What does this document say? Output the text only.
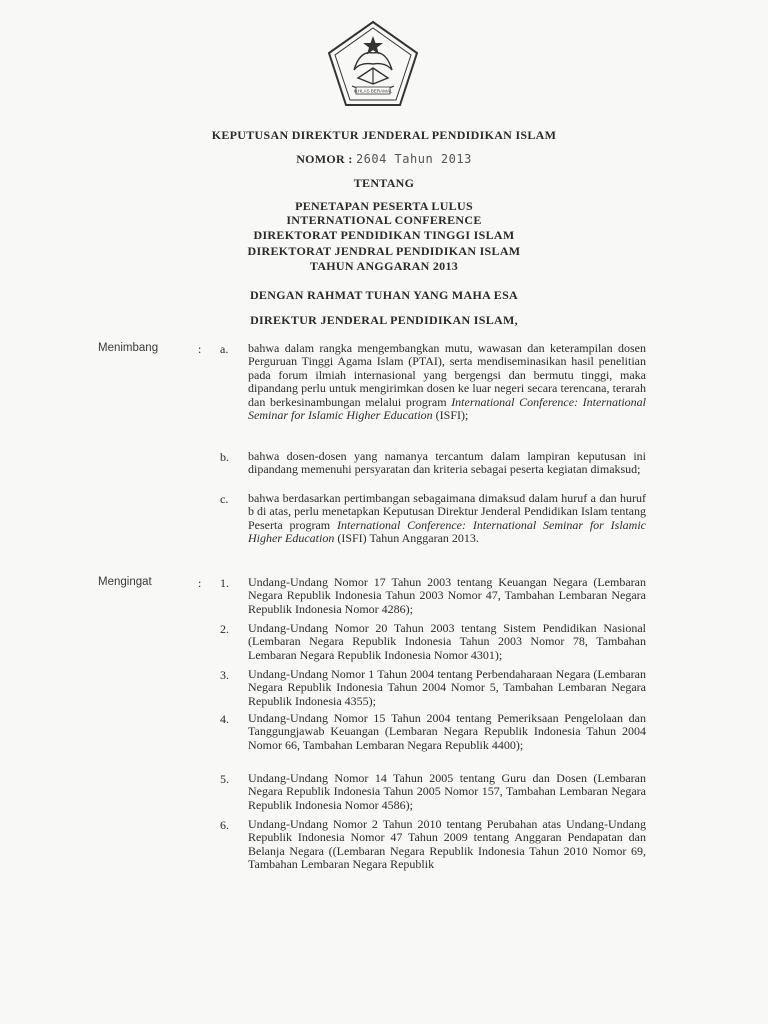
IKHLAS BERAMAL
KEPUTUSAN DIREKTUR JENDERAL PENDIDIKAN ISLAM
NOMOR : 2604 Tahun 2013
TENTANG
PENETAPAN PESERTA LULUS
INTERNATIONAL CONFERENCE
DIREKTORAT PENDIDIKAN TINGGI ISLAM
DIREKTORAT JENDRAL PENDIDIKAN ISLAM
TAHUN ANGGARAN 2013
DENGAN RAHMAT TUHAN YANG MAHA ESA
DIREKTUR JENDERAL PENDIDIKAN ISLAM,
Menimbang	: a. bahwa dalam rangka mengembangkan mutu, wawasan dan keterampilan dosen Perguruan Tinggi Agama Islam (PTAI), serta mendiseminasikan hasil penelitian pada forum ilmiah internasional yang bergengsi dan bermutu tinggi, maka dipandang perlu untuk mengirimkan dosen ke luar negeri secara terencana, terarah dan berkesinambungan melalui program International Conference: International Seminar for Islamic Higher Education (ISFI);
b. bahwa dosen-dosen yang namanya tercantum dalam lampiran keputusan ini dipandang memenuhi persyaratan dan kriteria sebagai peserta kegiatan dimaksud;
c. bahwa berdasarkan pertimbangan sebagaimana dimaksud dalam huruf a dan huruf b di atas, perlu menetapkan Keputusan Direktur Jenderal Pendidikan Islam tentang Peserta program International Conference: International Seminar for Islamic Higher Education (ISFI) Tahun Anggaran 2013.
Mengingat	: 1. Undang-Undang Nomor 17 Tahun 2003 tentang Keuangan Negara (Lembaran Negara Republik Indonesia Tahun 2003 Nomor 47, Tambahan Lembaran Negara Republik Indonesia Nomor 4286);
2. Undang-Undang Nomor 20 Tahun 2003 tentang Sistem Pendidikan Nasional (Lembaran Negara Republik Indonesia Tahun 2003 Nomor 78, Tambahan Lembaran Negara Republik Indonesia Nomor 4301);
3. Undang-Undang Nomor 1 Tahun 2004 tentang Perbendaharaan Negara (Lembaran Negara Republik Indonesia Tahun 2004 Nomor 5, Tambahan Lembaran Negara Republik Indonesia 4355);
4. Undang-Undang Nomor 15 Tahun 2004 tentang Pemeriksaan Pengelolaan dan Tanggungjawab Keuangan (Lembaran Negara Republik Indonesia Tahun 2004 Nomor 66, Tambahan Lembaran Negara Republik 4400);
5. Undang-Undang Nomor 14 Tahun 2005 tentang Guru dan Dosen (Lembaran Negara Republik Indonesia Tahun 2005 Nomor 157, Tambahan Lembaran Negara Republik Indonesia Nomor 4586);
6. Undang-Undang Nomor 2 Tahun 2010 tentang Perubahan atas Undang-Undang Republik Indonesia Nomor 47 Tahun 2009 tentang Anggaran Pendapatan dan Belanja Negara ((Lembaran Negara Republik Indonesia Tahun 2010 Nomor 69, Tambahan Lembaran Negara Republik
